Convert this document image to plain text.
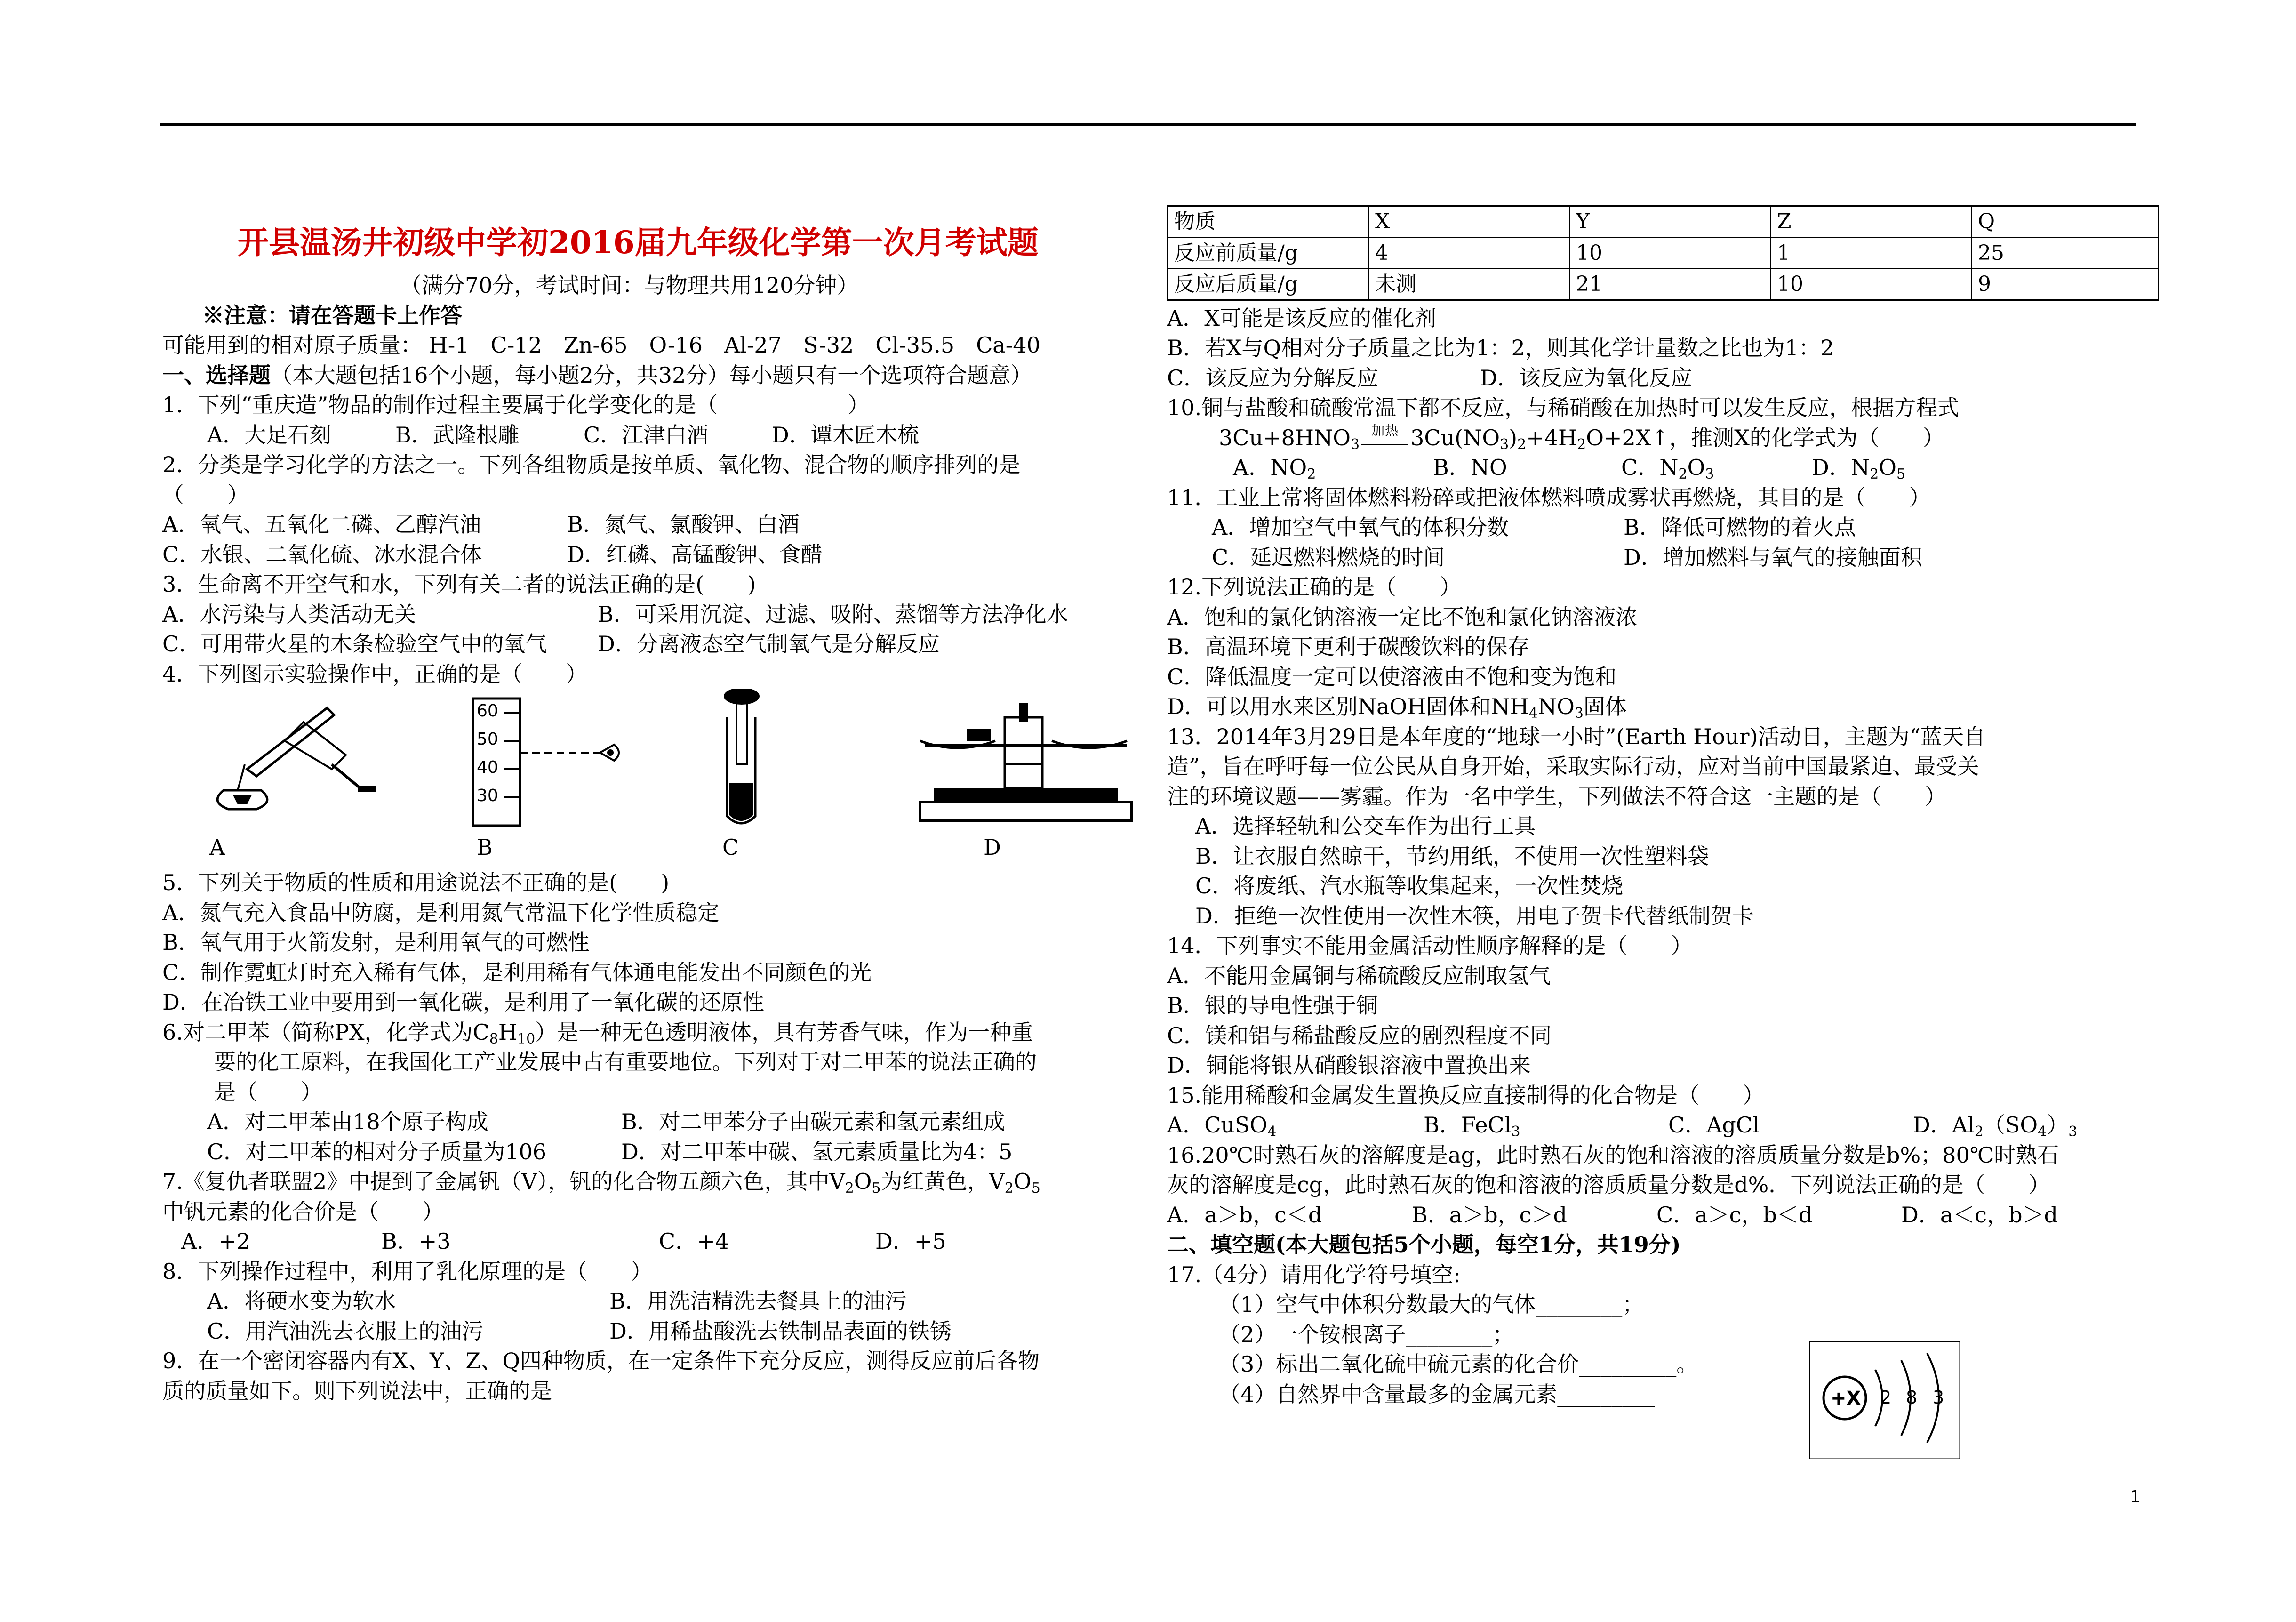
开县温汤井初级中学初2016届九年级化学第一次月考试题
（满分70分，考试时间：与物理共用120分钟）
※注意：请在答题卡上作答
可能用到的相对原子质量： H-1　C-12　Zn-65　O-16　Al-27　S-32　Cl-35.5　Ca-40
一、选择题（本大题包括16个小题，每小题2分，共32分）每小题只有一个选项符合题意）
1．下列“重庆造”物品的制作过程主要属于化学变化的是（　　　　　　）
A．大足石刻	B．武隆根雕	C．江津白酒	D．谭木匠木梳
2．分类是学习化学的方法之一。下列各组物质是按单质、氧化物、混合物的顺序排列的是
（　　）
A．氧气、五氧化二磷、乙醇汽油	B．氮气、氯酸钾、白酒
C．水银、二氧化硫、冰水混合体	D．红磷、高锰酸钾、食醋
3．生命离不开空气和水，下列有关二者的说法正确的是(　　)
A．水污染与人类活动无关	B．可采用沉淀、过滤、吸附、蒸馏等方法净化水
C．可用带火星的木条检验空气中的氧气 D．分离液态空气制氧气是分解反应
4．下列图示实验操作中，正确的是（　　）
60
50
40
30
A	B	C	D
5．下列关于物质的性质和用途说法不正确的是(　　)
A．氮气充入食品中防腐，是利用氮气常温下化学性质稳定
B．氧气用于火箭发射，是利用氧气的可燃性
C．制作霓虹灯时充入稀有气体，是利用稀有气体通电能发出不同颜色的光
D．在冶铁工业中要用到一氧化碳，是利用了一氧化碳的还原性
6.对二甲苯（简称PX，化学式为$C_8H_{10}$）是一种无色透明液体，具有芳香气味，作为一种重
要的化工原料，在我国化工产业发展中占有重要地位。下列对于对二甲苯的说法正确的
是（　　）
A．对二甲苯由18个原子构成	B．对二甲苯分子由碳元素和氢元素组成
C．对二甲苯的相对分子质量为106	D．对二甲苯中碳、氢元素质量比为4：5
7.《复仇者联盟2》中提到了金属钒（V），钒的化合物五颜六色，其中$V_2O_5$为红黄色，$V_2O_5$
中钒元素的化合价是（　　）
A．+2	B．+3	C．+4	D．+5
8．下列操作过程中，利用了乳化原理的是（　　）
A．将硬水变为软水	B．用洗洁精洗去餐具上的油污
C．用汽油洗去衣服上的油污	D．用稀盐酸洗去铁制品表面的铁锈
9．在一个密闭容器内有X、Y、Z、Q四种物质，在一定条件下充分反应，测得反应前后各物
质的质量如下。则下列说法中，正确的是
物质	X	Y	Z	Q
反应前质量/g	4	10	1	25
反应后质量/g	未测	21	10	9
A．X可能是该反应的催化剂
B．若X与Q相对分子质量之比为1：2，则其化学计量数之比也为1：2
C．该反应为分解反应	D．该反应为氧化反应
10.铜与盐酸和硫酸常温下都不反应，与稀硝酸在加热时可以发生反应，根据方程式
$3Cu+8HNO_3^{加热}$ $3Cu(NO_3)_2+4H_2O+2X↑$，推测X的化学式为（　　）
A．$NO_2$	B．NO	C．$N_2O_3$	D．$N_2O_5$
11．工业上常将固体燃料粉碎或把液体燃料喷成雾状再燃烧，其目的是（　　）
A．增加空气中氧气的体积分数	B．降低可燃物的着火点
C．延迟燃料燃烧的时间	D．增加燃料与氧气的接触面积
12.下列说法正确的是（　　）
A．饱和的氯化钠溶液一定比不饱和氯化钠溶液浓
B．高温环境下更利于碳酸饮料的保存
C．降低温度一定可以使溶液由不饱和变为饱和
D．可以用水来区别NaOH固体和$NH_4NO_3$固体
13．2014年3月29日是本年度的“地球一小时”(Earth Hour)活动日，主题为“蓝天自
造”，旨在呼吁每一位公民从自身开始，采取实际行动，应对当前中国最紧迫、最受关
注的环境议题——雾霾。作为一名中学生，下列做法不符合这一主题的是（　　）
A．选择轻轨和公交车作为出行工具
B．让衣服自然晾干，节约用纸，不使用一次性塑料袋
C．将废纸、汽水瓶等收集起来，一次性焚烧
D．拒绝一次性使用一次性木筷，用电子贺卡代替纸制贺卡
14．下列事实不能用金属活动性顺序解释的是（　　）
A．不能用金属铜与稀硫酸反应制取氢气
B．银的导电性强于铜
C．镁和铝与稀盐酸反应的剧烈程度不同
D．铜能将银从硝酸银溶液中置换出来
15.能用稀酸和金属发生置换反应直接制得的化合物是（　　）
A．CuSO$_4$	B．FeCl$_3$	C．AgCl	D．$Al_2(SO_4)_3$
16.20℃时熟石灰的溶解度是ag，此时熟石灰的饱和溶液的溶质质量分数是b%；80℃时熟石
灰的溶解度是cg，此时熟石灰的饱和溶液的溶质质量分数是d%．下列说法正确的是（　　）
A．a＞b，c＜d	B．a＞b，c＞d	C．a＞c，b＜d	D．a＜c，b＞d
二、填空题(本大题包括5个小题，每空1分，共19分)
17.（4分）请用化学符号填空:
（1）空气中体积分数最大的气体________；
（2）一个铵根离子________；
（3）标出二氧化硫中硫元素的化合价_________。
（4）自然界中含量最多的金属元素_________	+X 2 8 3
1
